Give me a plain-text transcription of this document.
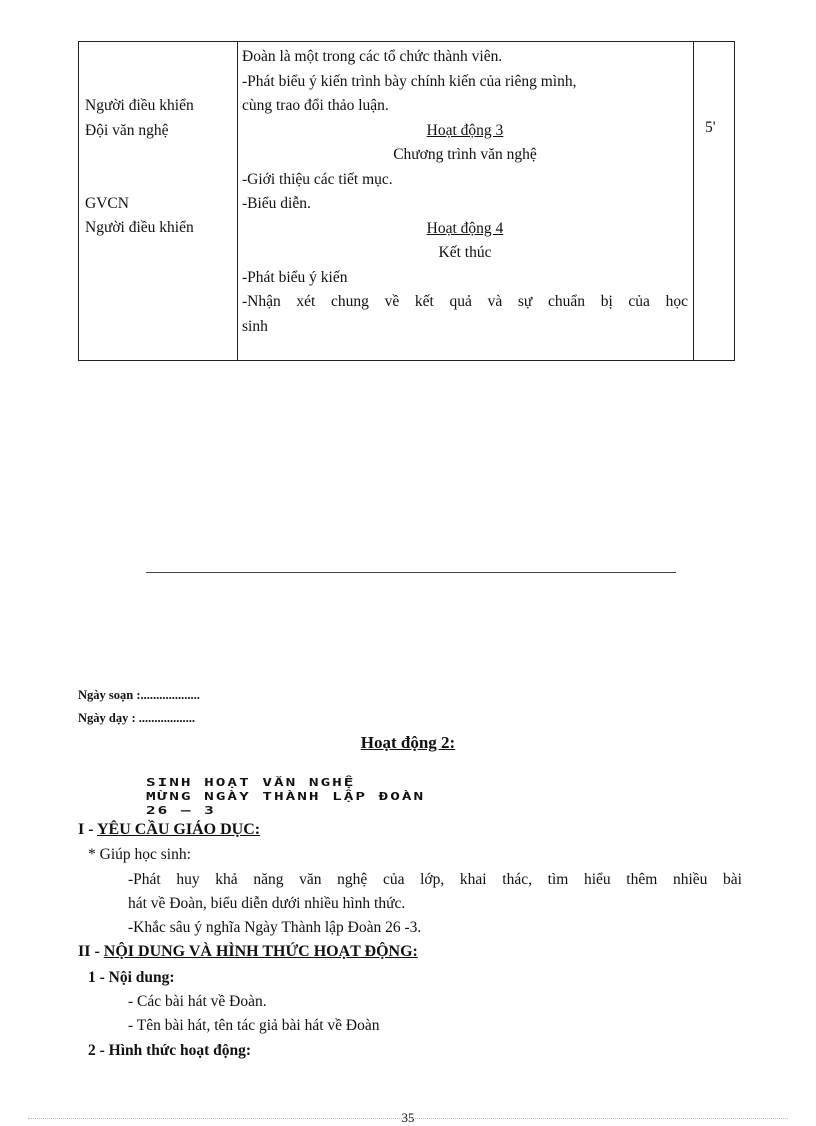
Người điều khiển
Đội văn nghệ
GVCN
Người điều khiển
Đoàn là một trong các tổ chức thành viên.
-Phát biểu ý kiến trình bày chính kiến của riêng mình,
cùng trao đổi thảo luận.
Hoạt động 3
Chương trình văn nghệ
-Giới thiệu các tiết mục.
-Biểu diễn.
Hoạt động 4
Kết thúc
-Phát biểu ý kiến
-Nhận xét chung về kết quả và sự chuẩn bị của học
sinh
5'
Ngày soạn :...................
Ngày dạy : ..................
Hoạt động 2:
SINH HOẠT VĂN NGHỆ
MỪNG NGÀY THÀNH LẬP ĐOÀN
26 – 3
I - YÊU CẦU GIÁO DỤC:
* Giúp học sinh:
-Phát huy khả năng văn nghệ của lớp, khai thác, tìm hiểu thêm nhiều bài
hát về Đoàn, biểu diễn dưới nhiều hình thức.
-Khắc sâu ý nghĩa Ngày Thành lập Đoàn 26 -3.
II - NỘI DUNG VÀ HÌNH THỨC HOẠT ĐỘNG:
1 - Nội dung:
- Các bài hát về Đoàn.
- Tên bài hát, tên tác giả bài hát về Đoàn
2 - Hình thức hoạt động:
35
